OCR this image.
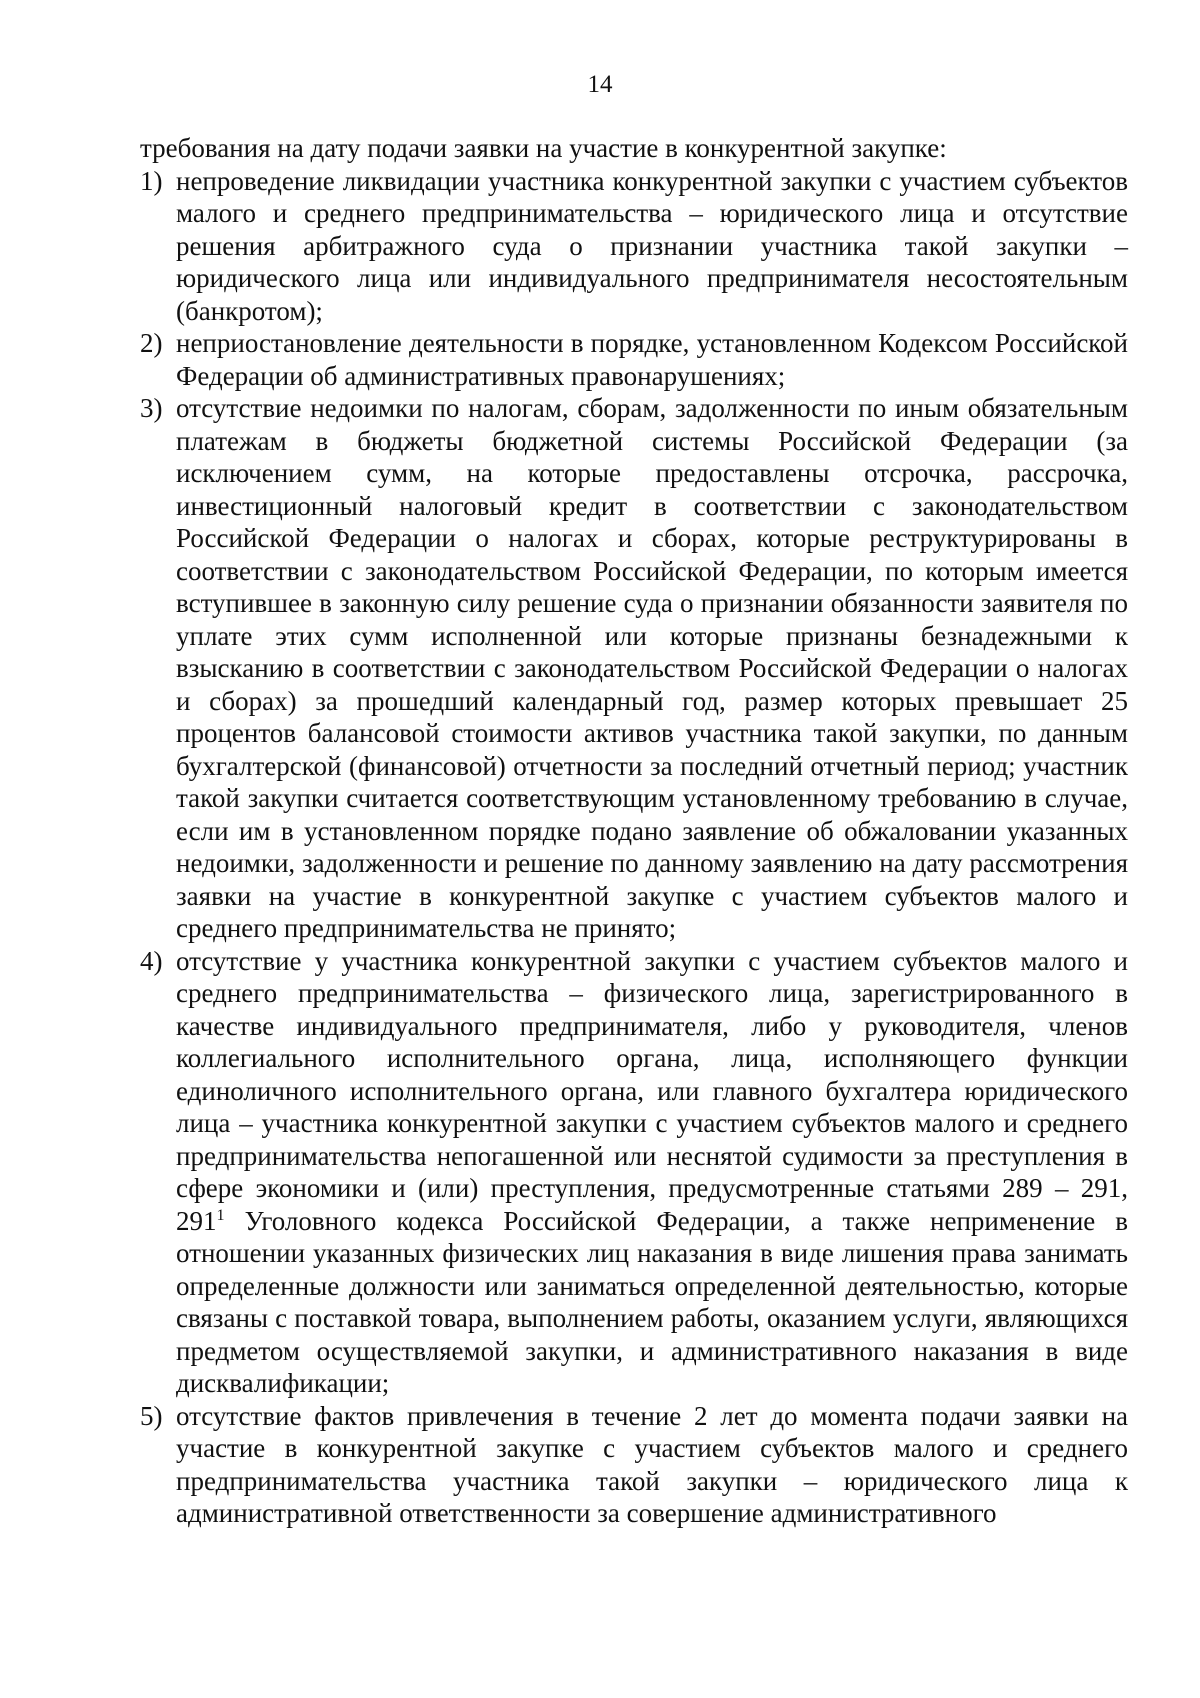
14

требования на дату подачи заявки на участие в конкурентной закупке:

1) непроведение ликвидации участника конкурентной закупки с участием субъектов малого и среднего предпринимательства – юридического лица и отсутствие решения арбитражного суда о признании участника такой закупки – юридического лица или индивидуального предпринимателя несостоятельным (банкротом);
2) неприостановление деятельности в порядке, установленном Кодексом Российской Федерации об административных правонарушениях;
3) отсутствие недоимки по налогам, сборам, задолженности по иным обязательным платежам в бюджеты бюджетной системы Российской Федерации (за исключением сумм, на которые предоставлены отсрочка, рассрочка, инвестиционный налоговый кредит в соответствии с законодательством Российской Федерации о налогах и сборах, которые реструктурированы в соответствии с законодательством Российской Федерации, по которым имеется вступившее в законную силу решение суда о признании обязанности заявителя по уплате этих сумм исполненной или которые признаны безнадежными к взысканию в соответствии с законодательством Российской Федерации о налогах и сборах) за прошедший календарный год, размер которых превышает 25 процентов балансовой стоимости активов участника такой закупки, по данным бухгалтерской (финансовой) отчетности за последний отчетный период; участник такой закупки считается соответствующим установленному требованию в случае, если им в установленном порядке подано заявление об обжаловании указанных недоимки, задолженности и решение по данному заявлению на дату рассмотрения заявки на участие в конкурентной закупке с участием субъектов малого и среднего предпринимательства не принято;
4) отсутствие у участника конкурентной закупки с участием субъектов малого и среднего предпринимательства – физического лица, зарегистрированного в качестве индивидуального предпринимателя, либо у руководителя, членов коллегиального исполнительного органа, лица, исполняющего функции единоличного исполнительного органа, или главного бухгалтера юридического лица – участника конкурентной закупки с участием субъектов малого и среднего предпринимательства непогашенной или неснятой судимости за преступления в сфере экономики и (или) преступления, предусмотренные статьями 289 – 291, $291^1$ Уголовного кодекса Российской Федерации, а также неприменение в отношении указанных физических лиц наказания в виде лишения права занимать определенные должности или заниматься определенной деятельностью, которые связаны с поставкой товара, выполнением работы, оказанием услуги, являющихся предметом осуществляемой закупки, и административного наказания в виде дисквалификации;
5) отсутствие фактов привлечения в течение 2 лет до момента подачи заявки на участие в конкурентной закупке с участием субъектов малого и среднего предпринимательства участника такой закупки – юридического лица к административной ответственности за совершение административного
